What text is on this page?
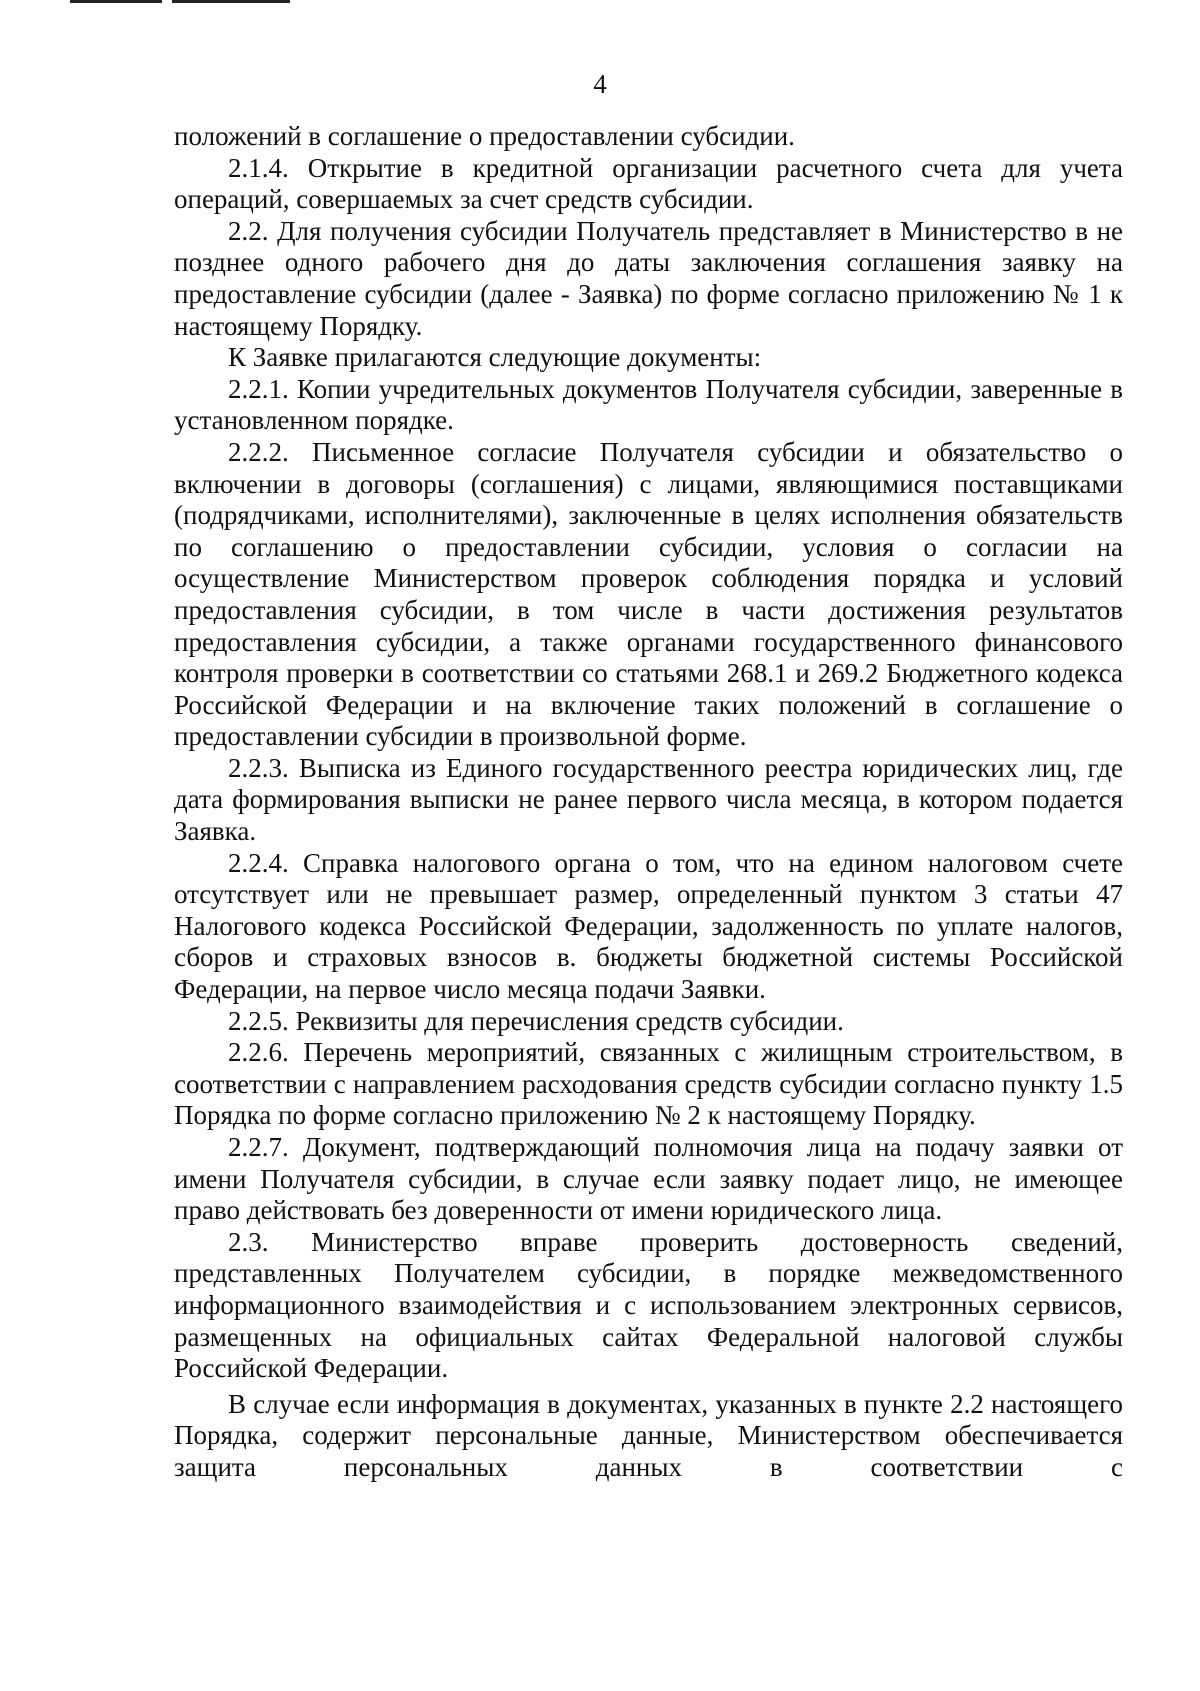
4

положений в соглашение о предоставлении субсидии.

2.1.4. Открытие в кредитной организации расчетного счета для учета операций, совершаемых за счет средств субсидии.

2.2. Для получения субсидии Получатель представляет в Министерство в не позднее одного рабочего дня до даты заключения соглашения заявку на предоставление субсидии (далее - Заявка) по форме согласно приложению № 1 к настоящему Порядку.

К Заявке прилагаются следующие документы:

2.2.1. Копии учредительных документов Получателя субсидии, заверенные в установленном порядке.

2.2.2. Письменное согласие Получателя субсидии и обязательство о включении в договоры (соглашения) с лицами, являющимися поставщиками (подрядчиками, исполнителями), заключенные в целях исполнения обязательств по соглашению о предоставлении субсидии, условия о согласии на осуществление Министерством проверок соблюдения порядка и условий предоставления субсидии, в том числе в части достижения результатов предоставления субсидии, а также органами государственного финансового контроля проверки в соответствии со статьями 268.1 и 269.2 Бюджетного кодекса Российской Федерации и на включение таких положений в соглашение о предоставлении субсидии в произвольной форме.

2.2.3. Выписка из Единого государственного реестра юридических лиц, где дата формирования выписки не ранее первого числа месяца, в котором подается Заявка.

2.2.4. Справка налогового органа о том, что на едином налоговом счете отсутствует или не превышает размер, определенный пунктом 3 статьи 47 Налогового кодекса Российской Федерации, задолженность по уплате налогов, сборов и страховых взносов в. бюджеты бюджетной системы Российской Федерации, на первое число месяца подачи Заявки.

2.2.5. Реквизиты для перечисления средств субсидии.

2.2.6. Перечень мероприятий, связанных с жилищным строительством, в соответствии с направлением расходования средств субсидии согласно пункту 1.5 Порядка по форме согласно приложению № 2 к настоящему Порядку.

2.2.7. Документ, подтверждающий полномочия лица на подачу заявки от имени Получателя субсидии, в случае если заявку подает лицо, не имеющее право действовать без доверенности от имени юридического лица.

2.3. Министерство вправе проверить достоверность сведений, представленных Получателем субсидии, в порядке межведомственного информационного взаимодействия и с использованием электронных сервисов, размещенных на официальных сайтах Федеральной налоговой службы Российской Федерации.

В случае если информация в документах, указанных в пункте 2.2 настоящего Порядка, содержит персональные данные, Министерством обеспечивается защита персональных данных в соответствии с
